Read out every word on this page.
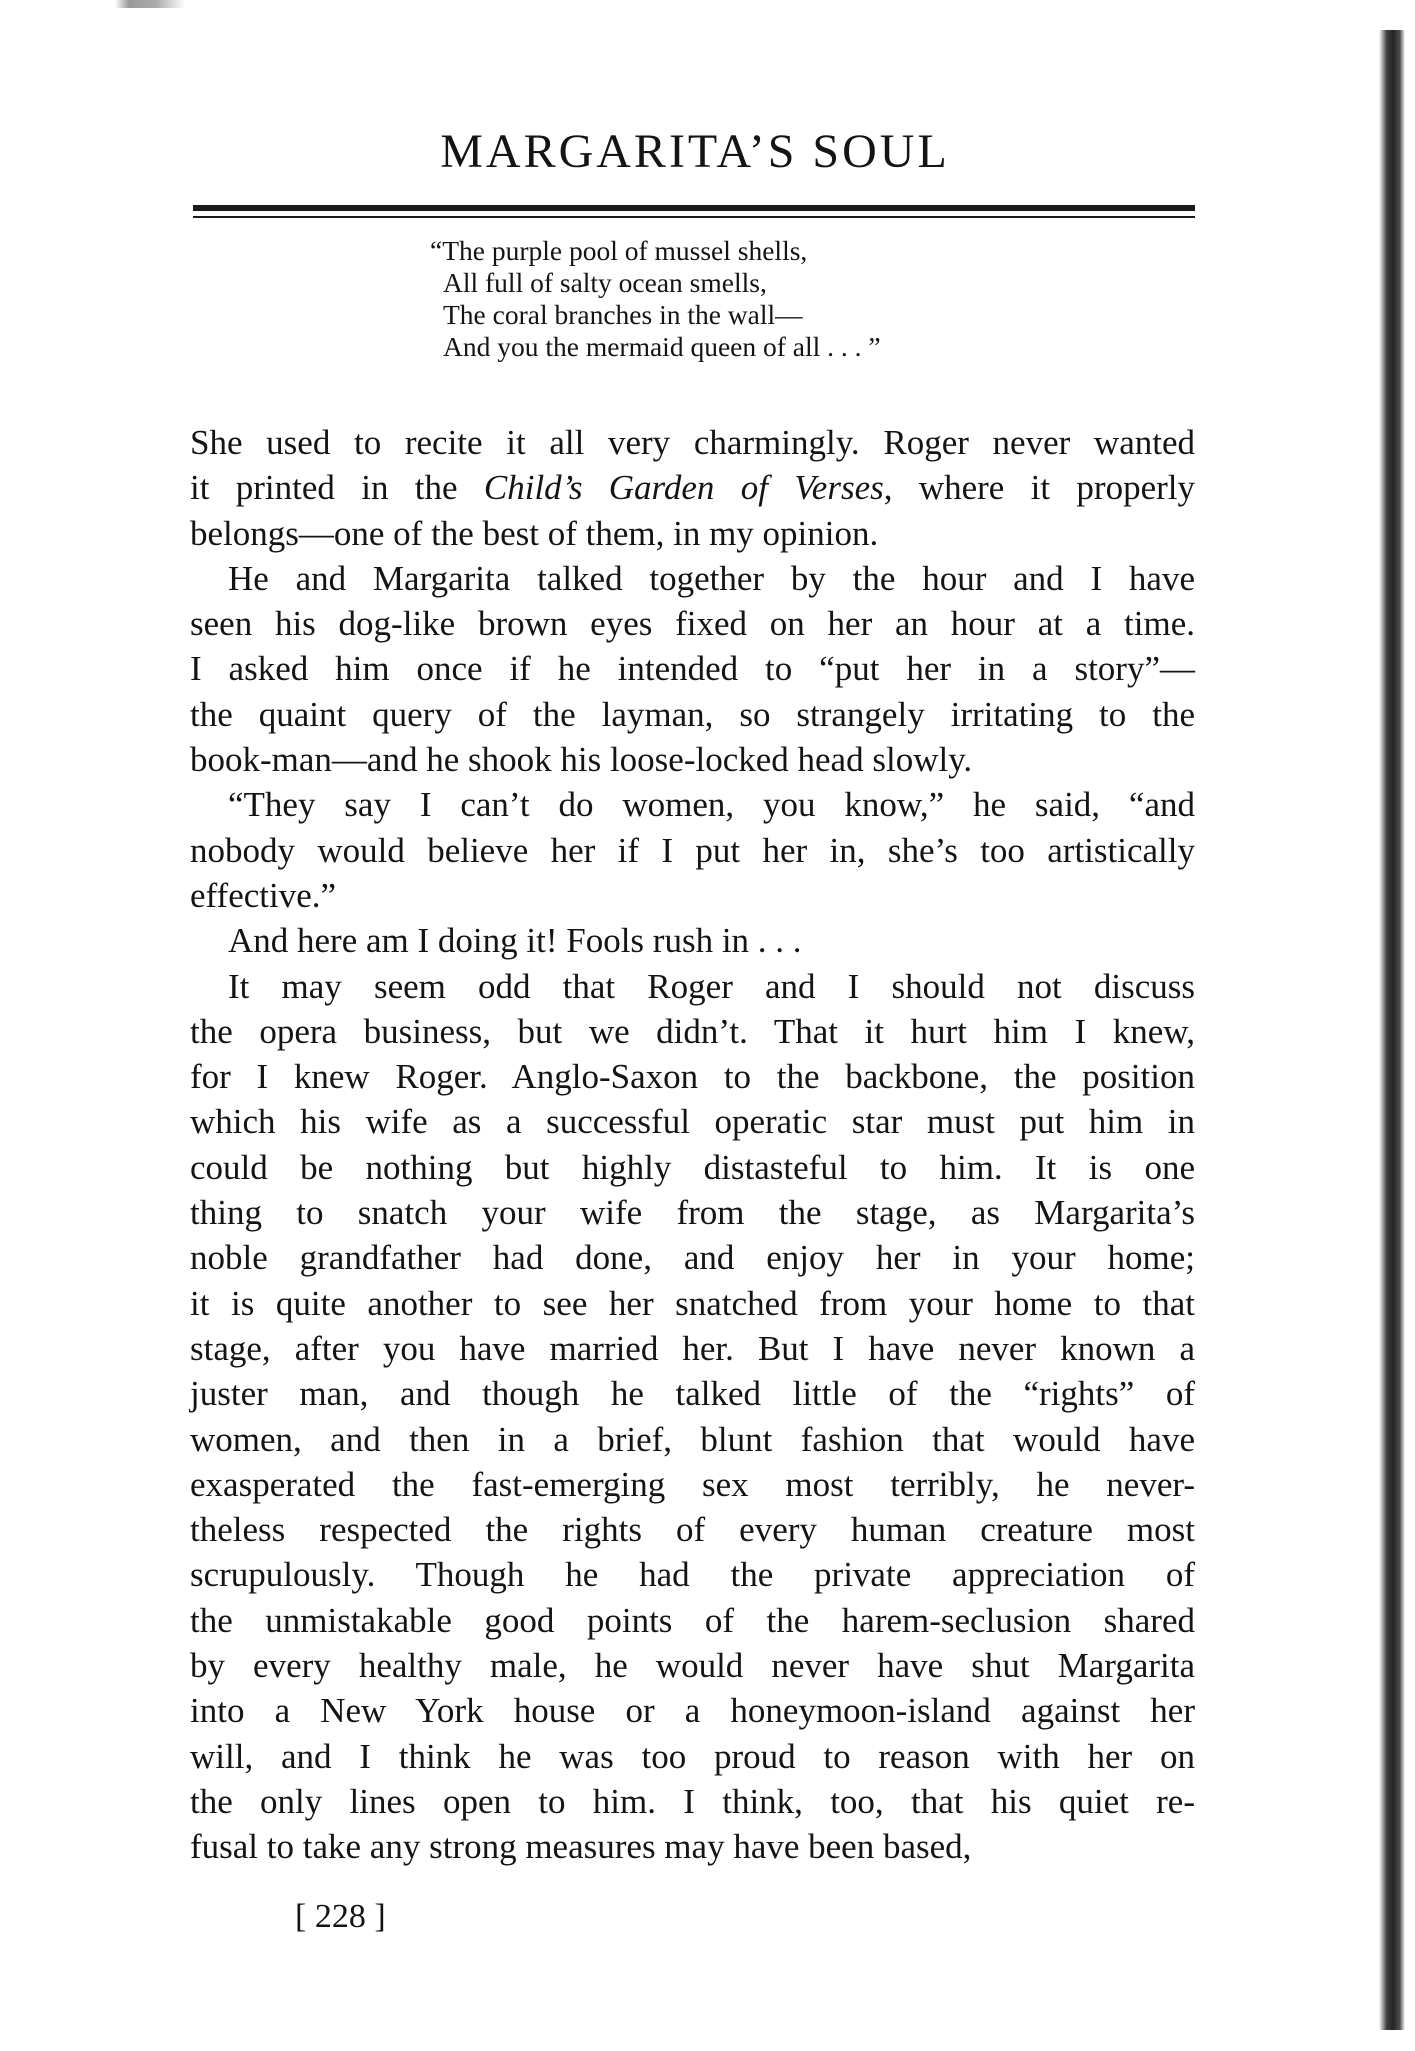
MARGARITA’S SOUL
“The purple pool of mussel shells,
All full of salty ocean smells,
The coral branches in the wall—
And you the mermaid queen of all . . . ”
She used to recite it all very charmingly. Roger never wanted
it printed in the Child’s Garden of Verses, where it properly
belongs—one of the best of them, in my opinion.
He and Margarita talked together by the hour and I have
seen his dog-like brown eyes fixed on her an hour at a time.
I asked him once if he intended to “put her in a story”—
the quaint query of the layman, so strangely irritating to the
book-man—and he shook his loose-locked head slowly.
“They say I can’t do women, you know,” he said, “and
nobody would believe her if I put her in, she’s too artistically
effective.”
And here am I doing it! Fools rush in . . .
It may seem odd that Roger and I should not discuss
the opera business, but we didn’t. That it hurt him I knew,
for I knew Roger. Anglo-Saxon to the backbone, the position
which his wife as a successful operatic star must put him in
could be nothing but highly distasteful to him. It is one
thing to snatch your wife from the stage, as Margarita’s
noble grandfather had done, and enjoy her in your home;
it is quite another to see her snatched from your home to that
stage, after you have married her. But I have never known a
juster man, and though he talked little of the “rights” of
women, and then in a brief, blunt fashion that would have
exasperated the fast-emerging sex most terribly, he never-
theless respected the rights of every human creature most
scrupulously. Though he had the private appreciation of
the unmistakable good points of the harem-seclusion shared
by every healthy male, he would never have shut Margarita
into a New York house or a honeymoon-island against her
will, and I think he was too proud to reason with her on
the only lines open to him. I think, too, that his quiet re-
fusal to take any strong measures may have been based,
[ 228 ]
